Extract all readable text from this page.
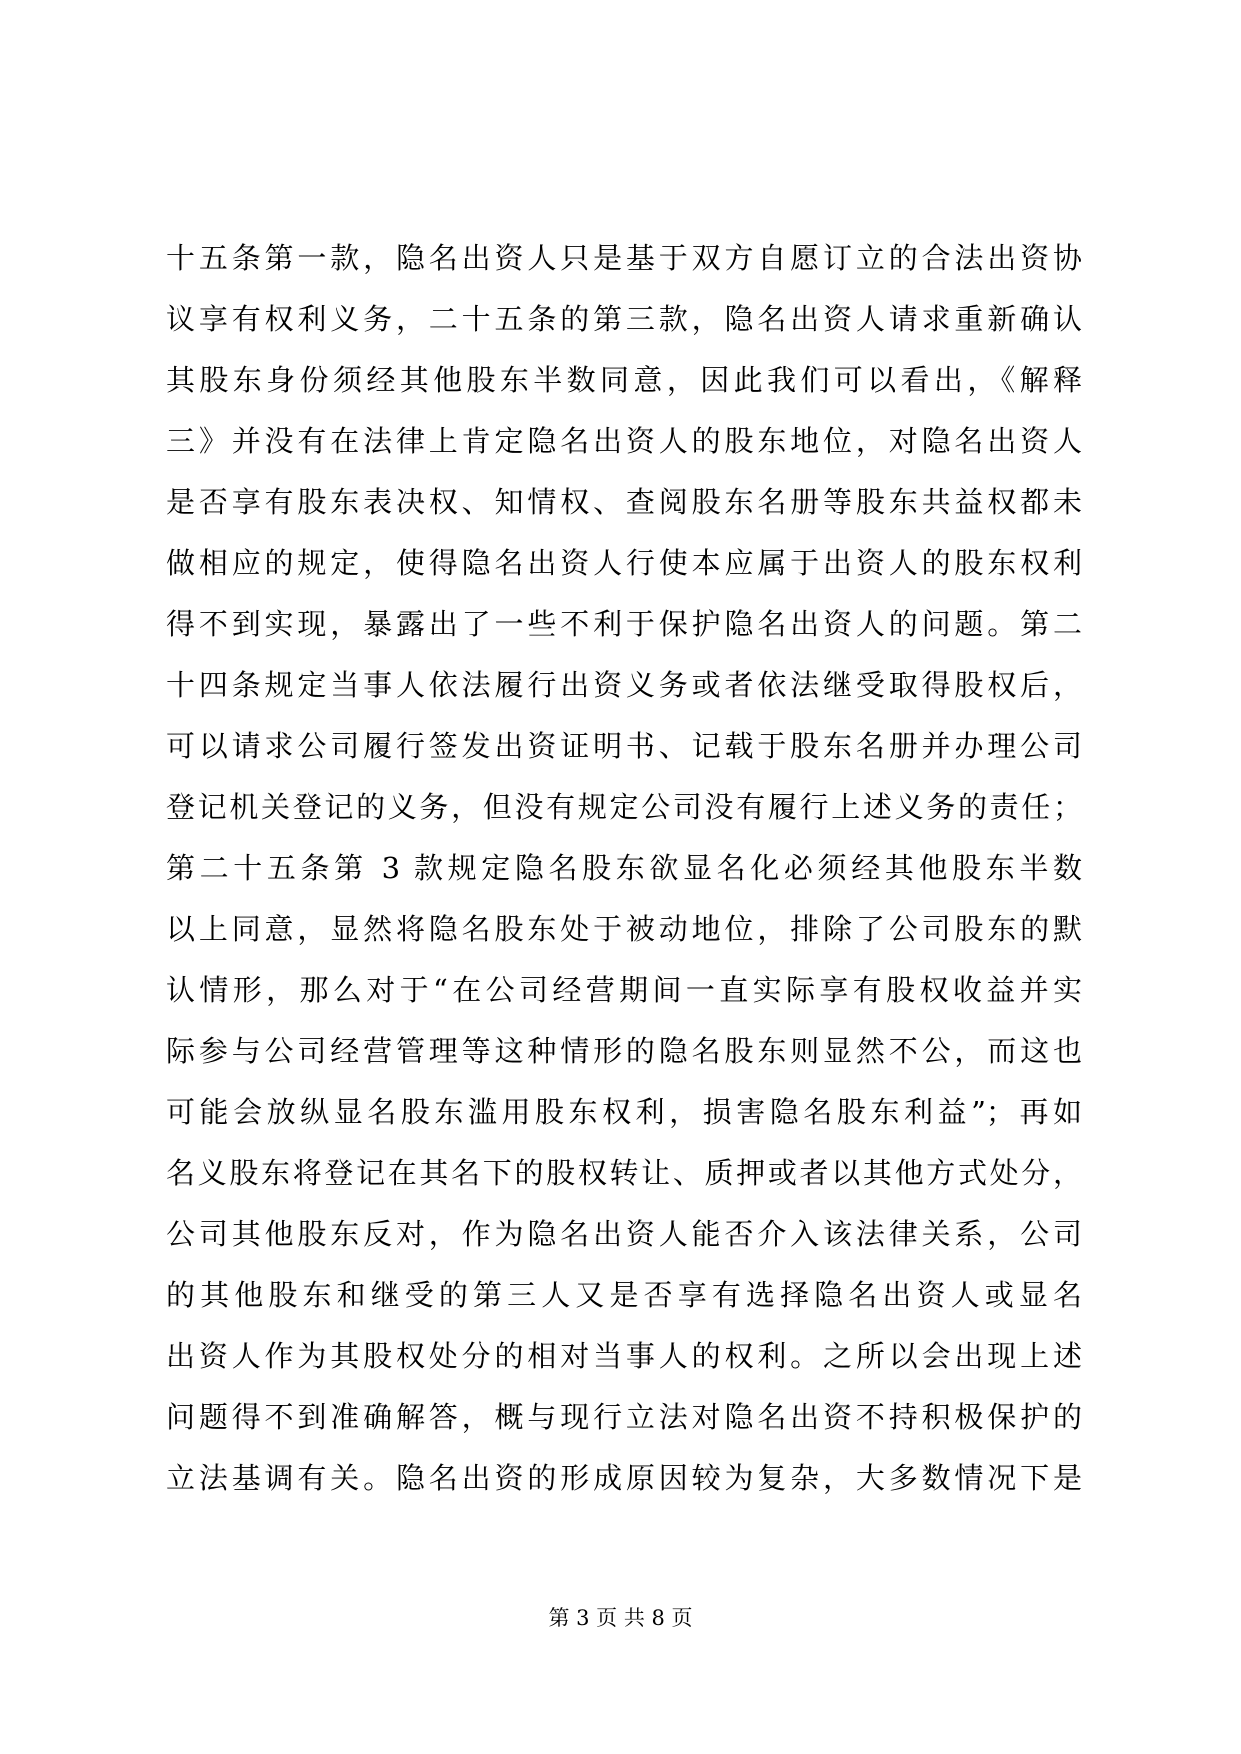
十五条第一款，隐名出资人只是基于双方自愿订立的合法出资协
议享有权利义务，二十五条的第三款，隐名出资人请求重新确认
其股东身份须经其他股东半数同意，因此我们可以看出，《解释
三》并没有在法律上肯定隐名出资人的股东地位，对隐名出资人
是否享有股东表决权、知情权、查阅股东名册等股东共益权都未
做相应的规定，使得隐名出资人行使本应属于出资人的股东权利
得不到实现，暴露出了一些不利于保护隐名出资人的问题。第二
十四条规定当事人依法履行出资义务或者依法继受取得股权后，
可以请求公司履行签发出资证明书、记载于股东名册并办理公司
登记机关登记的义务，但没有规定公司没有履行上述义务的责任；
第二十五条第 3 款规定隐名股东欲显名化必须经其他股东半数
以上同意，显然将隐名股东处于被动地位，排除了公司股东的默
认情形，那么对于“在公司经营期间一直实际享有股权收益并实
际参与公司经营管理等这种情形的隐名股东则显然不公，而这也
可能会放纵显名股东滥用股东权利，损害隐名股东利益”；再如
名义股东将登记在其名下的股权转让、质押或者以其他方式处分，
公司其他股东反对，作为隐名出资人能否介入该法律关系，公司
的其他股东和继受的第三人又是否享有选择隐名出资人或显名
出资人作为其股权处分的相对当事人的权利。之所以会出现上述
问题得不到准确解答，概与现行立法对隐名出资不持积极保护的
立法基调有关。隐名出资的形成原因较为复杂，大多数情况下是
第 3 页 共 8 页
